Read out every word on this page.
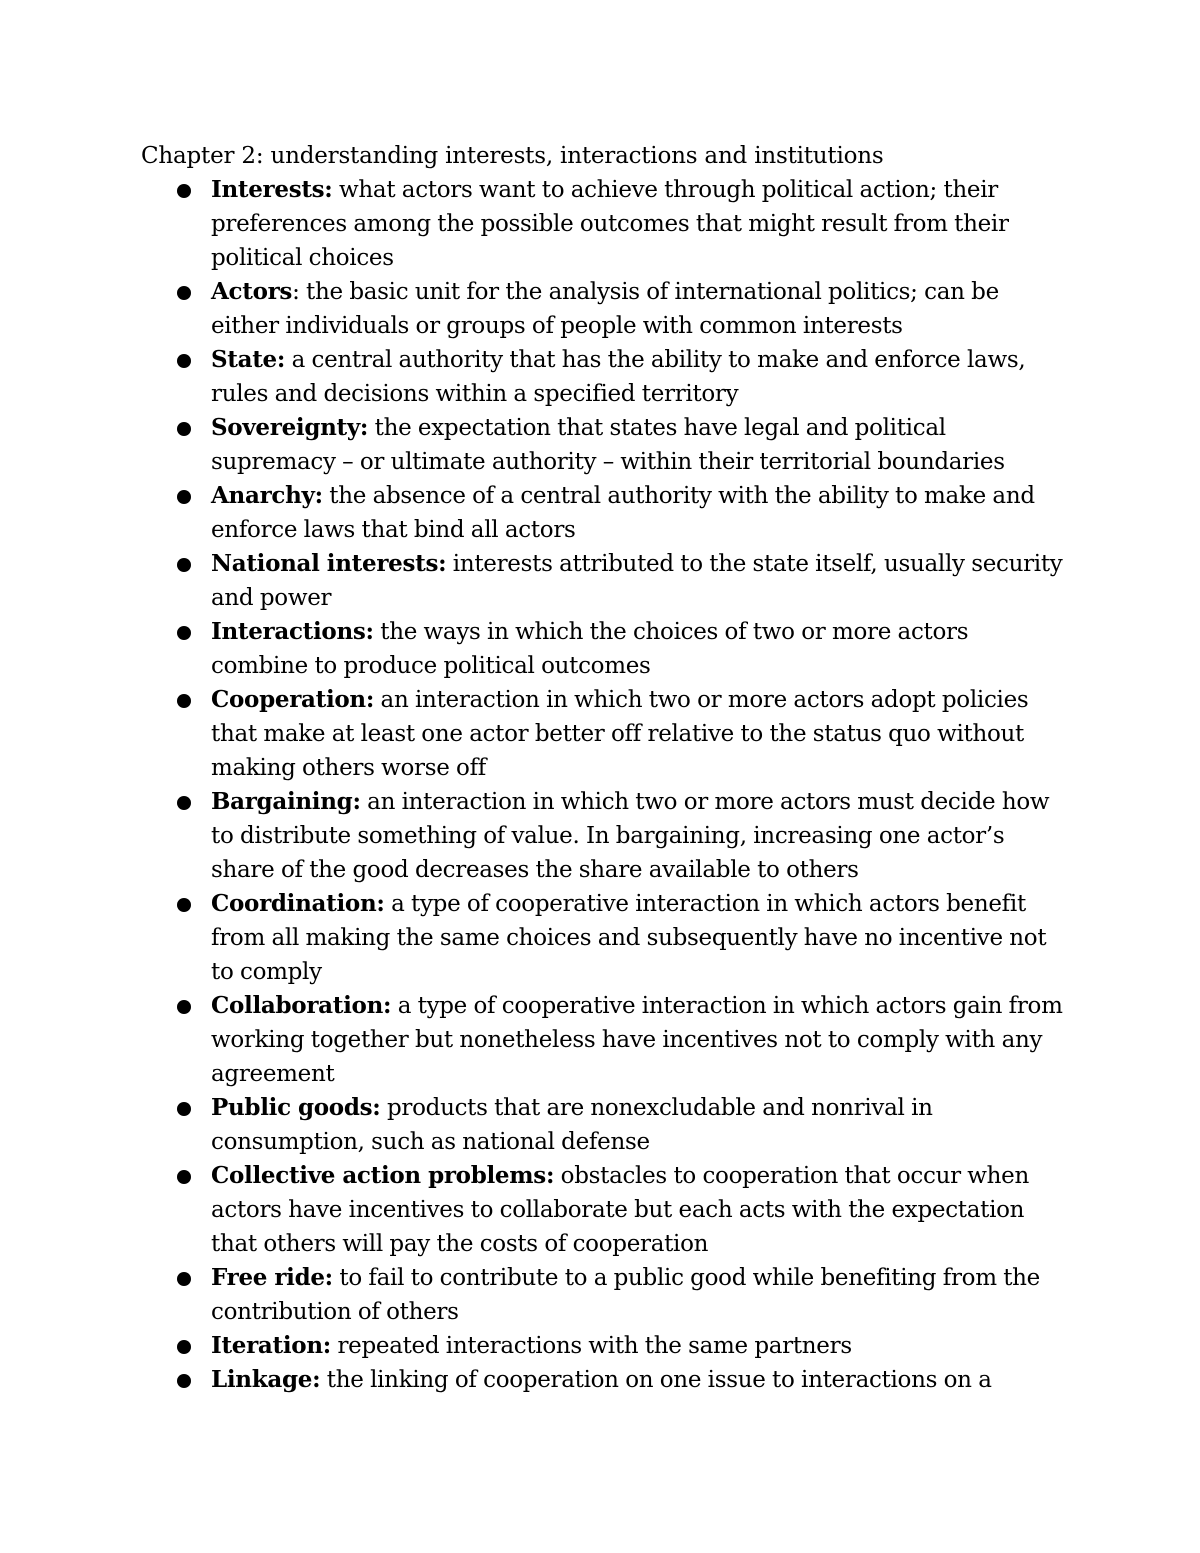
Chapter 2: understanding interests, interactions and institutions
Interests: what actors want to achieve through political action; their preferences among the possible outcomes that might result from their political choices
Actors: the basic unit for the analysis of international politics; can be either individuals or groups of people with common interests
State: a central authority that has the ability to make and enforce laws, rules and decisions within a specified territory
Sovereignty: the expectation that states have legal and political supremacy – or ultimate authority – within their territorial boundaries
Anarchy: the absence of a central authority with the ability to make and enforce laws that bind all actors
National interests: interests attributed to the state itself, usually security and power
Interactions: the ways in which the choices of two or more actors combine to produce political outcomes
Cooperation: an interaction in which two or more actors adopt policies that make at least one actor better off relative to the status quo without making others worse off
Bargaining: an interaction in which two or more actors must decide how to distribute something of value. In bargaining, increasing one actor’s share of the good decreases the share available to others
Coordination: a type of cooperative interaction in which actors benefit from all making the same choices and subsequently have no incentive not to comply
Collaboration: a type of cooperative interaction in which actors gain from working together but nonetheless have incentives not to comply with any agreement
Public goods: products that are nonexcludable and nonrival in consumption, such as national defense
Collective action problems: obstacles to cooperation that occur when actors have incentives to collaborate but each acts with the expectation that others will pay the costs of cooperation
Free ride: to fail to contribute to a public good while benefiting from the contribution of others
Iteration: repeated interactions with the same partners
Linkage: the linking of cooperation on one issue to interactions on a
